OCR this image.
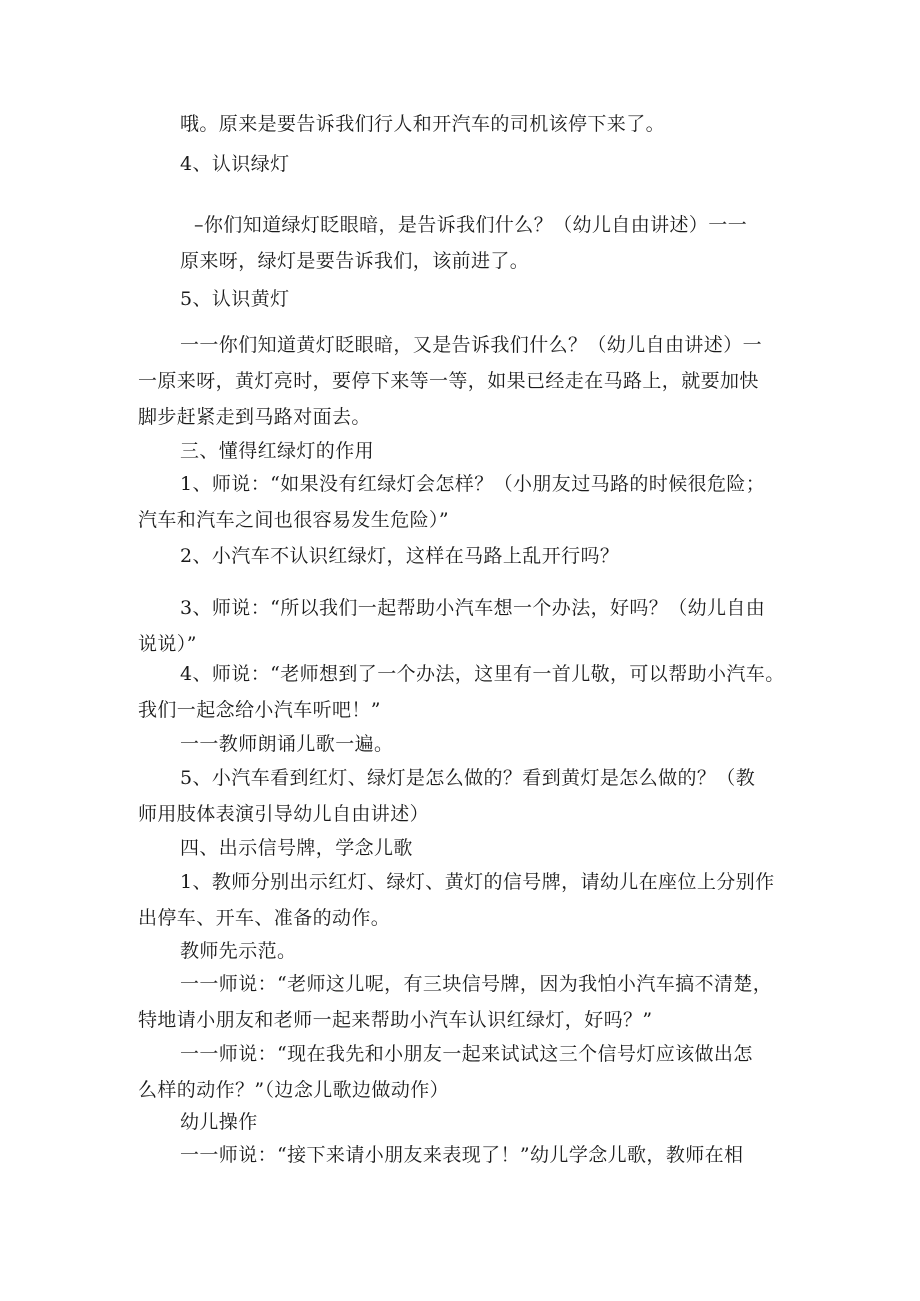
哦。原来是要告诉我们行人和开汽车的司机该停下来了。

4、认识绿灯

–你们知道绿灯眨眼暗，是告诉我们什么？（幼儿自由讲述）一一
原来呀，绿灯是要告诉我们，该前进了。

5、认识黄灯

一一你们知道黄灯眨眼暗，又是告诉我们什么？（幼儿自由讲述）一
一原来呀，黄灯亮时，要停下来等一等，如果已经走在马路上，就要加快
脚步赶紧走到马路对面去。

三、懂得红绿灯的作用

1、师说：“如果没有红绿灯会怎样？（小朋友过马路的时候很危险；
汽车和汽车之间也很容易发生危险）”

2、小汽车不认识红绿灯，这样在马路上乱开行吗？

3、师说：“所以我们一起帮助小汽车想一个办法，好吗？（幼儿自由
说说）”

4、师说：“老师想到了一个办法，这里有一首儿敬，可以帮助小汽车。
我们一起念给小汽车听吧！”

一一教师朗诵儿歌一遍。

5、小汽车看到红灯、绿灯是怎么做的？看到黄灯是怎么做的？（教
师用肢体表演引导幼儿自由讲述）

四、出示信号牌，学念儿歌

1、教师分别出示红灯、绿灯、黄灯的信号牌，请幼儿在座位上分别作
出停车、开车、准备的动作。

教师先示范。

一一师说：“老师这儿呢，有三块信号牌，因为我怕小汽车搞不清楚，
特地请小朋友和老师一起来帮助小汽车认识红绿灯，好吗？”

一一师说：“现在我先和小朋友一起来试试这三个信号灯应该做出怎
么样的动作？”（边念儿歌边做动作）

幼儿操作

一一师说：“接下来请小朋友来表现了！”幼儿学念儿歌，教师在相
